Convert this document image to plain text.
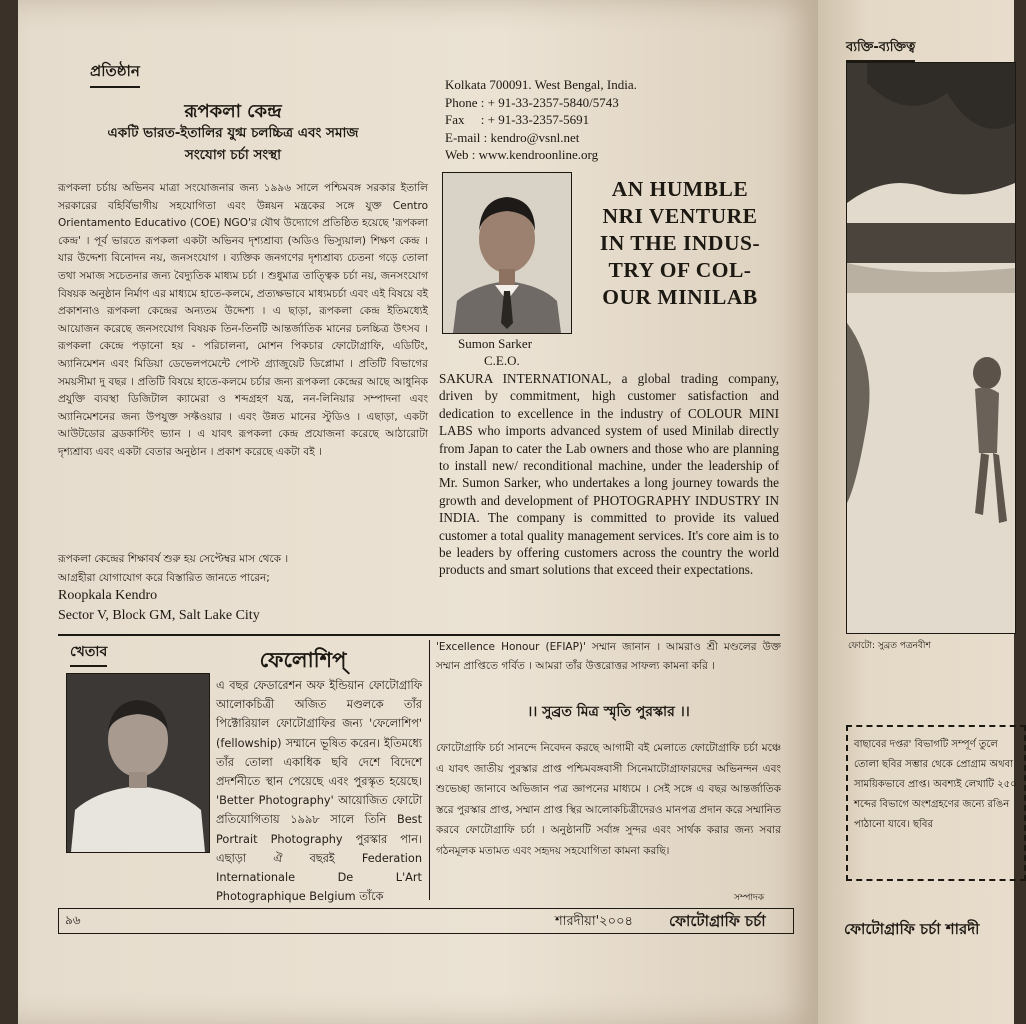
প্রতিষ্ঠান
রূপকলা কেন্দ্র
একটি ভারত-ইতালির যুগ্ম চলচ্চিত্র এবং সমাজ
সংযোগ চর্চা সংস্থা
রূপকলা চর্চায় অভিনব মাত্রা সংযোজনার জন্য ১৯৯৬ সালে পশ্চিমবঙ্গ সরকার ইতালি সরকারের বহির্বিভাগীয় সহযোগিতা এবং উন্নয়ন মন্ত্রকের সঙ্গে যুক্ত Centro Orientamento Educativo (COE) NGO'র যৌথ উদ্যোগে প্রতিষ্ঠিত হয়েছে 'রূপকলা কেন্দ্র' । পূর্ব ভারতে রূপকলা একটা অভিনব দৃশ্যশ্রাব্য (অডিও ভিস্যুয়াল) শিক্ষণ কেন্দ্র । যার উদ্দেশ্য বিনোদন নয়, জনসংযোগ । ব্যক্তিক জনগণের দৃশ্যশ্রাব্য চেতনা গড়ে তোলা তথা সমাজ সচেতনার জন্য বৈদ্যুতিক মাধ্যম চর্চা । শুধুমাত্র তাত্ত্বিক চর্চা নয়, জনসংযোগ বিষয়ক অনুষ্ঠান নির্মাণ এর মাধ্যমে হাতে-কলমে, প্রত্যক্ষভাবে মাধ্যমচর্চা এবং এই বিষয়ে বই প্রকাশনাও রূপকলা কেন্দ্রের অন্যতম উদ্দেশ্য । এ ছাড়া, রূপকলা কেন্দ্র ইতিমধ্যেই আয়োজন করেছে জনসংযোগ বিষয়ক তিন-তিনটি আন্তর্জাতিক মানের চলচ্চিত্র উৎসব । রূপকলা কেন্দ্রে পড়ানো হয় - পরিচালনা, মোশন পিকচার ফোটোগ্রাফি, এডিটিং, অ্যানিমেশন এবং মিডিয়া ডেভেলপমেন্টে পোস্ট গ্র্যাজুয়েট ডিপ্লোমা । প্রতিটি বিভাগের সময়সীমা দু বছর । প্রতিটি বিষয়ে হাতে-কলমে চর্চার জন্য রূপকলা কেন্দ্রের আছে আধুনিক প্রযুক্তি ব্যবস্থা ডিজিটাল ক্যামেরা ও শব্দগ্রহণ যন্ত্র, নন-লিনিয়ার সম্পাদনা এবং অ্যানিমেশনের জন্য উপযুক্ত সফ্টওয়ার । এবং উন্নত মানের স্টুডিও । এছাড়া, একটা আউটডোর ব্রডকাস্টিং ভ্যান । এ যাবৎ রূপকলা কেন্দ্র প্রযোজনা করেছে আঠারোটা দৃশ্যশ্রাব্য এবং একটা বেতার অনুষ্ঠান । প্রকাশ করেছে একটা বই ।
রূপকলা কেন্দ্রের শিক্ষাবর্ষ শুরু হয় সেপ্টেম্বর মাস থেকে ।
আগ্রহীরা যোগাযোগ করে বিস্তারিত জানতে পারেন;
Roopkala Kendro
Sector V, Block GM, Salt Lake City
Kolkata 700091. West Bengal, India.
Phone : + 91-33-2357-5840/5743
Fax     : + 91-33-2357-5691
E-mail : kendro@vsnl.net
Web : www.kendroonline.org
AN HUMBLE
NRI VENTURE
IN THE INDUS-
TRY OF COL-
OUR MINILAB
Sumon Sarker
C.E.O.
SAKURA INTERNATIONAL, a global trading company, driven by commitment, high customer satisfaction and dedication to excellence in the industry of COLOUR MINI LABS who imports advanced system of used Minilab directly from Japan to cater the Lab owners and those who are planning to install new/ reconditional machine, under the leadership of Mr. Sumon Sarker, who undertakes a long journey towards the growth and development of PHOTOGRAPHY INDUSTRY IN INDIA. The company is committed to provide its valued customer a total quality management services. It's core aim is to be leaders by offering customers across the country the world products and smart solutions that exceed their expectations.
খেতাব	ফেলোশিপ্
এ বছর ফেডারেশন অফ ইন্ডিয়ান ফোটোগ্রাফি আলোকচিত্রী অজিত মণ্ডলকে তাঁর পিক্টোরিয়াল ফোটোগ্রাফির জন্য 'ফেলোশিপ' (fellowship) সম্মানে ভূষিত করেন। ইতিমধ্যে তাঁর তোলা একাধিক ছবি দেশে বিদেশে প্রদর্শনীতে স্থান পেয়েছে এবং পুরস্কৃত হয়েছে। 'Better Photography' আয়োজিত ফোটো প্রতিযোগিতায় ১৯৯৮ সালে তিনি Best Portrait Photography পুরস্কার পান। এছাড়া ঐ বছরই Federation Internationale De L'Art Photographique Belgium তাঁকে
'Excellence Honour (EFIAP)' সম্মান জানান । আমরাও শ্রী মণ্ডলের উক্ত সম্মান প্রাপ্তিতে গর্বিত । আমরা তাঁর উত্তরোত্তর সাফল্য কামনা করি ।
।। সুব্রত মিত্র স্মৃতি পুরস্কার ।।
ফোটোগ্রাফি চর্চা সানন্দে নিবেদন করছে আগামী বই মেলাতে ফোটোগ্রাফি চর্চা মঞ্চে এ যাবৎ জাতীয় পুরস্কার প্রাপ্ত পশ্চিমবঙ্গবাসী সিনেমাটোগ্রাফারদের অভিনন্দন এবং শুভেচ্ছা জানাবে অভিজান পত্র জ্ঞাপনের মাধ্যমে । সেই সঙ্গে এ বছর আন্তর্জাতিক স্তরে পুরস্কার প্রাপ্ত, সম্মান প্রাপ্ত স্থির আলোকচিত্রীদেরও মানপত্র প্রদান করে সম্মানিত করবে ফোটোগ্রাফি চর্চা । অনুষ্ঠানটি সর্বাঙ্গ সুন্দর এবং সার্থক করার জন্য সবার গঠনমূলক মতামত এবং সহৃদয় সহযোগিতা কামনা করছি।
সম্পাদক
৯৬	শারদীয়া'২০০৪ ফোটোগ্রাফি চর্চা
ব্যক্তি-ব্যক্তিত্ব
ফোটো: সুব্রত পত্রনবীশ
বাছাবের দপ্তর' বিভাগটি সম্পূর্ণ তুলে তোলা ছবির সম্ভার থেকে প্রোগ্রাম অথবা সাময়িকভাবে প্রাপ্ত। অবশ্যই লেখাটি ২৫০ শব্দের বিভাগে অংশগ্রহণের জন্যে রঙিন পাঠানো যাবে। ছবির
ফোটোগ্রাফি চর্চা শারদী
